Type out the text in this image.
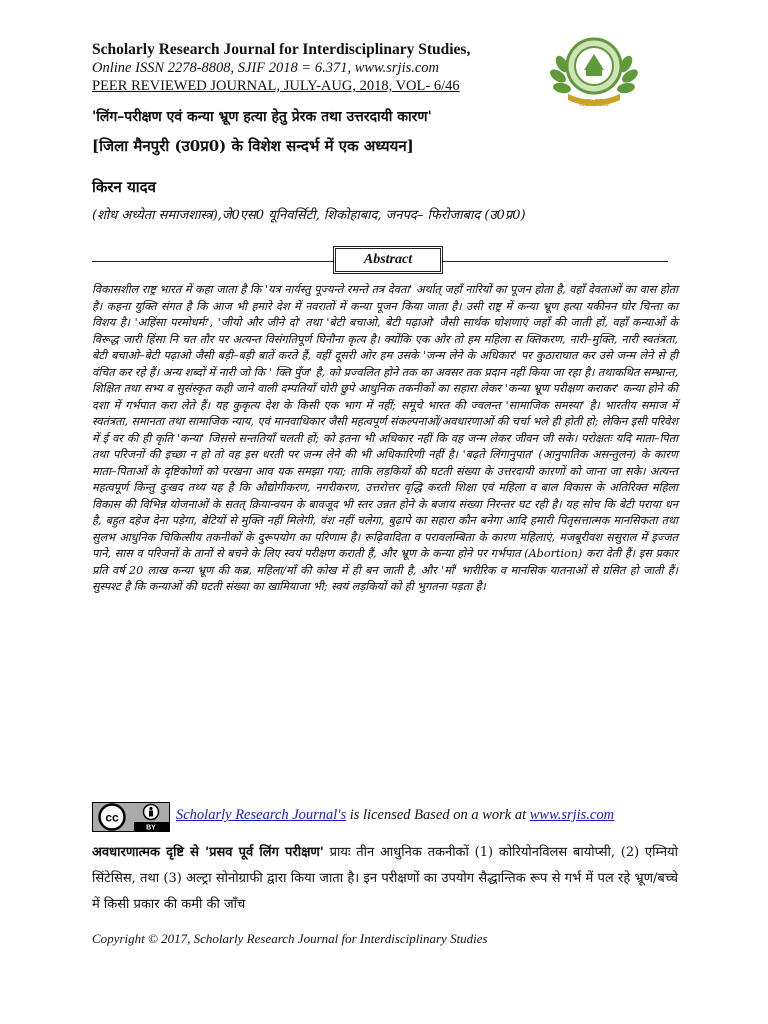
Scholarly Research Journal for Interdisciplinary Studies,
Online ISSN 2278-8808, SJIF 2018 = 6.371, www.srjis.com
PEER REVIEWED JOURNAL, JULY-AUG, 2018, VOL- 6/46
SRJIS
'लिंग–परीक्षण एवं कन्या भ्रूण हत्या हेतु प्रेरक तथा उत्तरदायी कारण'
[जिला मैनपुरी (उ0प्र0) के विशेश सन्दर्भ में एक अध्ययन]
किरन यादव
(शोध अध्येता समाजशास्त्र),जे0एस0 यूनिवर्सिटी, शिकोहाबाद, जनपद– फिरोजाबाद (उ0प्र0)
Abstract
विकासशील राष्ट्र भारत में कहा जाता है कि 'यत्र नार्यस्तु पूज्यन्ते रमन्ते तत्र देवता' अर्थात् जहाँ नारियों का पूजन होता है, वहाँ देवताओं का वास होता है। कहना युक्ति संगत है कि आज भी हमारे देश में नवरातों में कन्या पूजन किया जाता है। उसी राष्ट्र में कन्या भ्रूण हत्या यकीनन घोर चिन्ता का विशय है। 'अहिंसा परमोधर्मः', 'जीयो और जीने दो' तथा 'बेटी बचाओ, बेटी पढ़ाओ' जैसी सार्थक घोशणाएं जहाँ की जाती हों, वहाँ कन्याओं के विरूद्ध जारी हिंसा नि चत तौर पर अत्यन्त विसंगतिपूर्ण घिनौना कृत्य है। क्योंकि एक ओर तो हम महिला स क्तिकरण, नारी–मुक्ति, नारी स्वतंत्रता, बेटी बचाओ–बेटी पढ़ाओ जैसी बड़ी–बड़ी बातें करते हैं, वहीं दूसरी ओर हम उसके 'जन्म लेने के अधिकार' पर कुठाराघात कर उसे जन्म लेने से ही वंचित कर रहे हैं। अन्य शब्दों में नारी जो कि ' क्ति पुँज' है, को प्रज्वलित होने तक का अवसर तक प्रदान नहीं किया जा रहा है। तथाकथित सम्भ्रान्त, शिक्षित तथा सभ्य व सुसंस्कृत कही जाने वाली दम्पतियाँ चोरी छुपे आधुनिक तकनीकों का सहारा लेकर 'कन्या भ्रूण परीक्षण कराकर' कन्या होने की दशा में गर्भपात करा लेते हैं। यह कुकृत्य देश के किसी एक भाग में नहीं; समूचे भारत की ज्वलन्त 'सामाजिक समस्या' है। भारतीय समाज में स्वतंत्रता, समानता तथा सामाजिक न्याय, एवं मानवाधिकार जैसी महत्वपूर्ण संकल्पनाओं/अवधारणाओं की चर्चा भले ही होती हो; लेकिन इसी परिवेश में ई वर की ही कृति 'कन्या' जिससे सन्ततियाँ चलती हों; को इतना भी अधिकार नहीं कि वह जन्म लेकर जीवन जी सके। परोक्षतः यदि माता–पिता तथा परिजनों की इच्छा न हो तो वह इस धरती पर जन्म लेने की भी अधिकारिणी नहीं है। 'बढ़ते लिंगानुपात' (आनुपातिक असन्तुलन) के कारण माता–पिताओं के दृष्टिकोणों को परखना आव यक समझा गया; ताकि लड़कियों की घटती संख्या के उत्तरदायी कारणों को जाना जा सके। अत्यन्त महत्वपूर्ण किन्तु दुःखद तथ्य यह है कि औद्योगीकरण, नगरीकरण, उत्तरोत्तर वृद्धि करती शिक्षा एवं महिला व बाल विकास के अतिरिक्त महिला विकास की विभिन्न योजनाओं के सतत् क्रियान्वयन के बावजूद भी स्तर उन्नत होने के बजाय संख्या निरन्तर घट रही है। यह सोच कि बेटी पराया धन है, बहुत दहेज देना पड़ेगा, बेटियों से मुक्ति नहीं मिलेगी, वंश नहीं चलेगा, बुढ़ापे का सहारा कौन बनेगा आदि हमारी पितृसत्तात्मक मानसिकता तथा सुलभ आधुनिक चिकित्सीय तकनीकों के दुरूपयोग का परिणाम है। रूढ़िवादिता व परावलम्बिता के कारण महिलाएं, मजबूरीवश ससुराल में इज्जत पाने, सास व परिजनों के तानों से बचने के लिए स्वयं परीक्षण कराती हैं, और भ्रूण के कन्या होने पर गर्भपात (Abortion) करा देती हैं। इस प्रकार प्रति वर्ष 20 लाख कन्या भ्रूण की कब्र, महिला/माँ की कोख में ही बन जाती है, और 'माँ' भारीरिक व मानसिक यातनाओं से ग्रसित हो जाती हैं। सुस्पश्ट है कि कन्याओं की घटती संख्या का खामियाजा भी; स्वयं लड़कियों को ही भुगतना पड़ता है।
cc
BY
Scholarly Research Journal's is licensed Based on a work at www.srjis.com
अवधारणात्मक दृष्टि से 'प्रसव पूर्व लिंग परीक्षण' प्रायः तीन आधुनिक तकनीकों (1) कोरियोनविलस बायोप्सी, (2) एम्नियो सिंटेसिस, तथा (3) अल्ट्रा सोनोग्राफी द्वारा किया जाता है। इन परीक्षणों का उपयोग सैद्धान्तिक रूप से गर्भ में पल रहे भ्रूण/बच्चे में किसी प्रकार की कमी की जाँच
Copyright © 2017, Scholarly Research Journal for Interdisciplinary Studies
